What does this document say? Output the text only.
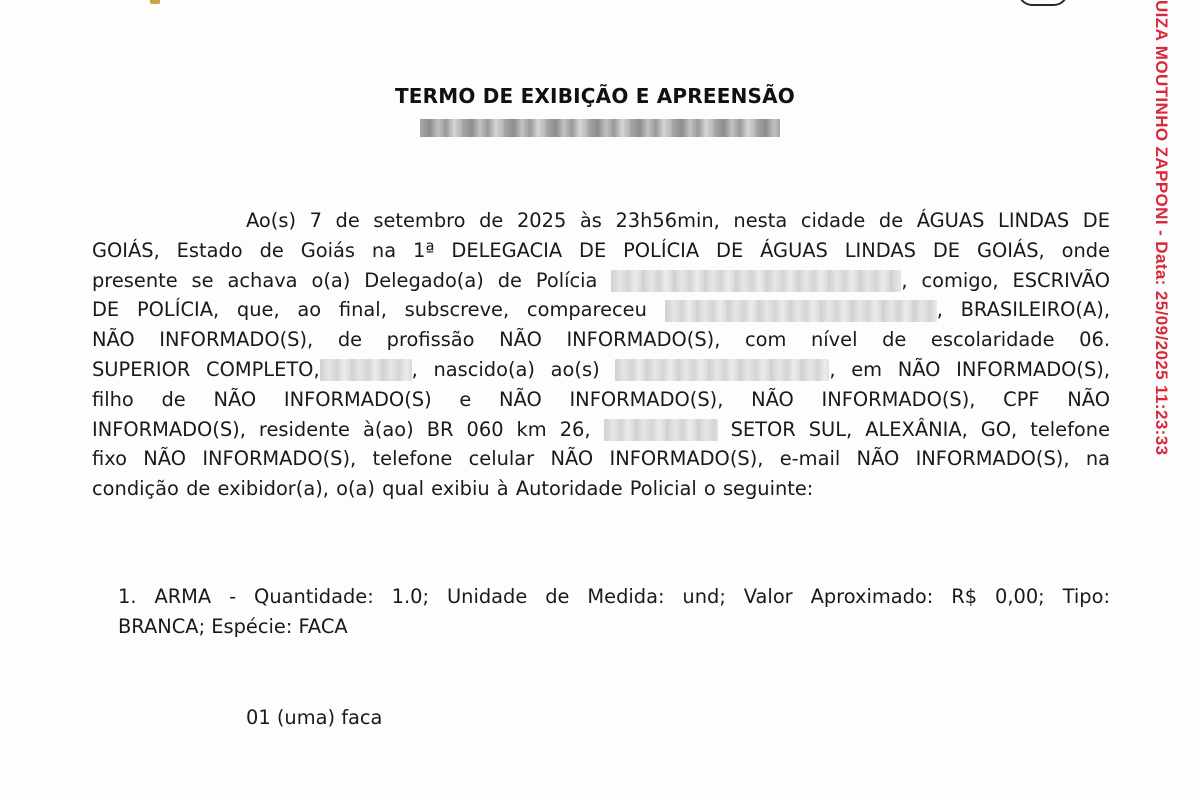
UIZA MOUTINHO ZAPPONI - Data: 25/09/2025 11:23:33
TERMO DE EXIBIÇÃO E APREENSÃO
Ao(s) 7 de setembro de 2025 às 23h56min, nesta cidade de ÁGUAS LINDAS DE
GOIÁS, Estado de Goiás na 1ª DELEGACIA DE POLÍCIA DE ÁGUAS LINDAS DE GOIÁS, onde
presente se achava o(a) Delegado(a) de Polícia	, comigo, ESCRIVÃO
DE POLÍCIA, que, ao final, subscreve, compareceu	, BRASILEIRO(A),
NÃO INFORMADO(S), de profissão NÃO INFORMADO(S), com nível de escolaridade 06.
SUPERIOR COMPLETO,	, nascido(a) ao(s)	, em NÃO INFORMADO(S),
filho de NÃO INFORMADO(S) e NÃO INFORMADO(S), NÃO INFORMADO(S), CPF NÃO
INFORMADO(S), residente à(ao) BR 060 km 26,	SETOR SUL, ALEXÂNIA, GO, telefone
fixo NÃO INFORMADO(S), telefone celular NÃO INFORMADO(S), e-mail NÃO INFORMADO(S), na
condição de exibidor(a), o(a) qual exibiu à Autoridade Policial o seguinte:
1. ARMA - Quantidade: 1.0; Unidade de Medida: und; Valor Aproximado: R$ 0,00; Tipo:
BRANCA; Espécie: FACA
01 (uma) faca
